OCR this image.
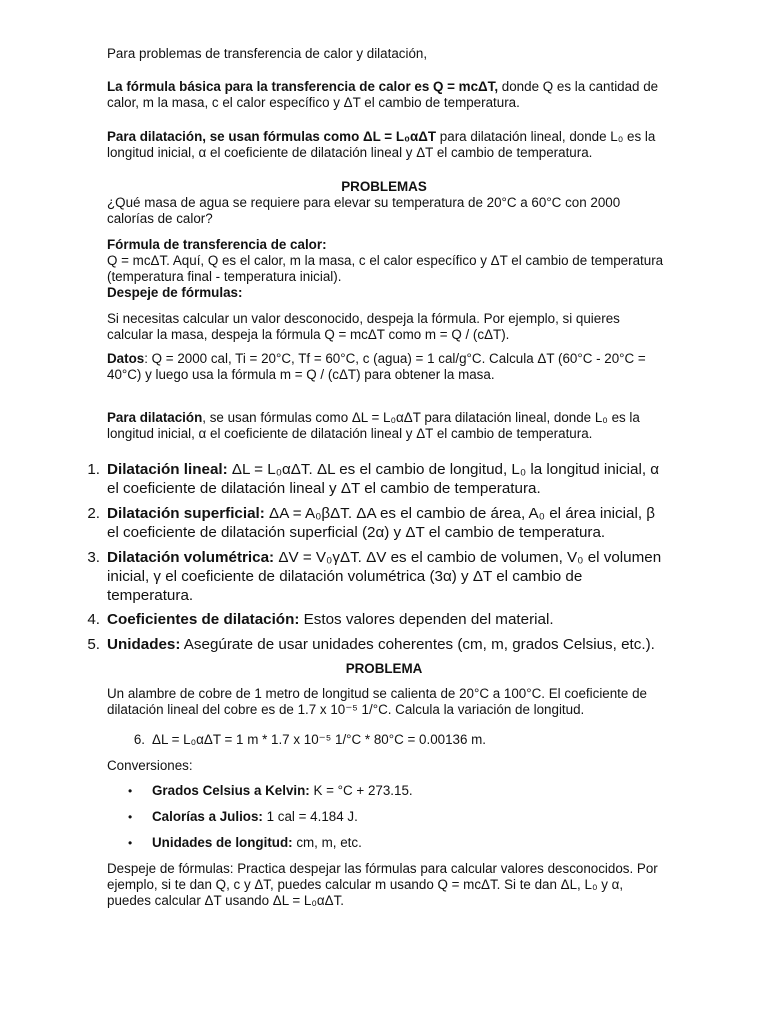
Para problemas de transferencia de calor y dilatación,

La fórmula básica para la transferencia de calor es Q = mcΔT, donde Q es la cantidad de calor, m la masa, c el calor específico y ΔT el cambio de temperatura.

Para dilatación, se usan fórmulas como ΔL = L₀αΔT para dilatación lineal, donde L₀ es la longitud inicial, α el coeficiente de dilatación lineal y ΔT el cambio de temperatura.

PROBLEMAS

¿Qué masa de agua se requiere para elevar su temperatura de 20°C a 60°C con 2000 calorías de calor?

Fórmula de transferencia de calor:
Q = mcΔT. Aquí, Q es el calor, m la masa, c el calor específico y ΔT el cambio de temperatura (temperatura final - temperatura inicial).
Despeje de fórmulas:

Si necesitas calcular un valor desconocido, despeja la fórmula. Por ejemplo, si quieres calcular la masa, despeja la fórmula Q = mcΔT como m = Q / (cΔT).

Datos: Q = 2000 cal, Ti = 20°C, Tf = 60°C, c (agua) = 1 cal/g°C. Calcula ΔT (60°C - 20°C = 40°C) y luego usa la fórmula m = Q / (cΔT) para obtener la masa.

Para dilatación, se usan fórmulas como ΔL = L₀αΔT para dilatación lineal, donde L₀ es la longitud inicial, α el coeficiente de dilatación lineal y ΔT el cambio de temperatura.

1. Dilatación lineal: ΔL = L₀αΔT. ΔL es el cambio de longitud, L₀ la longitud inicial, α el coeficiente de dilatación lineal y ΔT el cambio de temperatura.

2. Dilatación superficial: ΔA = A₀βΔT. ΔA es el cambio de área, A₀ el área inicial, β el coeficiente de dilatación superficial (2α) y ΔT el cambio de temperatura.

3. Dilatación volumétrica: ΔV = V₀γΔT. ΔV es el cambio de volumen, V₀ el volumen inicial, γ el coeficiente de dilatación volumétrica (3α) y ΔT el cambio de temperatura.

4. Coeficientes de dilatación: Estos valores dependen del material.

5. Unidades: Asegúrate de usar unidades coherentes (cm, m, grados Celsius, etc.).

PROBLEMA

Un alambre de cobre de 1 metro de longitud se calienta de 20°C a 100°C. El coeficiente de dilatación lineal del cobre es de 1.7 x 10⁻⁵ 1/°C. Calcula la variación de longitud.

6. ΔL = L₀αΔT = 1 m * 1.7 x 10⁻⁵ 1/°C * 80°C = 0.00136 m.

Conversiones:

•	Grados Celsius a Kelvin: K = °C + 273.15.

•	Calorías a Julios: 1 cal = 4.184 J.

•	Unidades de longitud: cm, m, etc.

Despeje de fórmulas: Practica despejar las fórmulas para calcular valores desconocidos. Por ejemplo, si te dan Q, c y ΔT, puedes calcular m usando Q = mcΔT. Si te dan ΔL, L₀ y α, puedes calcular ΔT usando ΔL = L₀αΔT.
